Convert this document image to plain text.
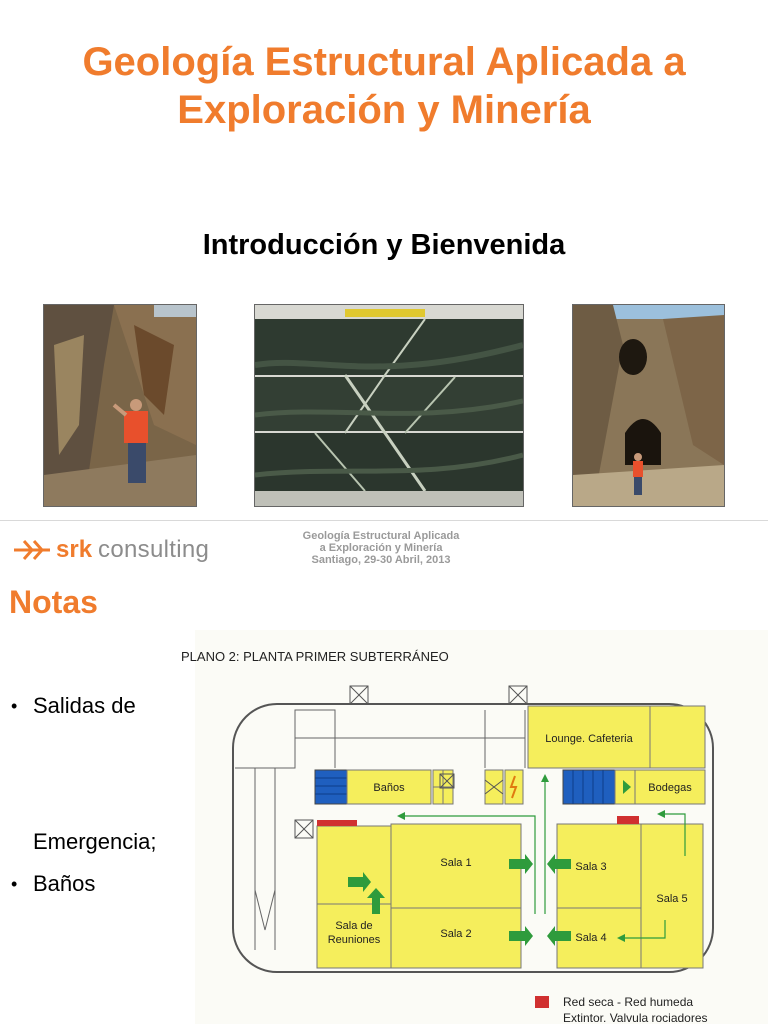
Geología Estructural Aplicada a
Exploración y Minería
Introducción y Bienvenida
srk consulting	Geología Estructural Aplicada
a Exploración y Minería
Santiago, 29-30 Abril, 2013
Notas
• Salidas de
Emergencia;
• Baños
Lounge. Cafeteria
Baños	Bodegas
Sala de
Reuniones
Sala 1
Sala 2
Sala 3
Sala 4
Sala 5
Red seca - Red humeda
Extintor. Valvula rociadores
PLANO 2: PLANTA PRIMER SUBTERRÁNEO
